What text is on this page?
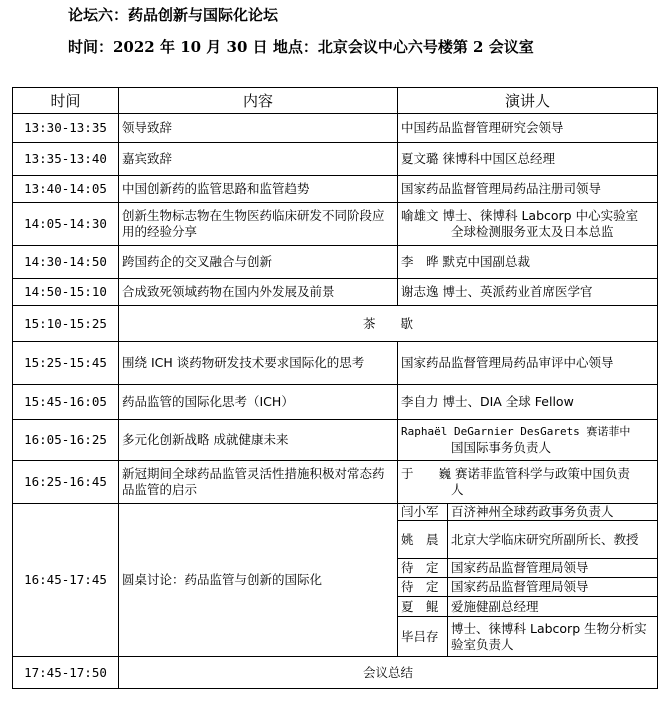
论坛六：药品创新与国际化论坛
时间：2022 年 10 月 30 日 地点：北京会议中心六号楼第 2 会议室
时间	内容	演讲人	
13:30-13:35	领导致辞	中国药品监督管理研究会领导	
13:35-13:40	嘉宾致辞	夏文璐 徕博科中国区总经理	
13:40-14:05	中国创新药的监管思路和监管趋势	国家药品监督管理局药品注册司领导	
14:05-14:30	创新生物标志物在生物医药临床研发不同阶段应用的经验分享	喻雄文 博士、徕博科 Labcorp 中心实验室
全球检测服务亚太及日本总监	

14:30-14:50	跨国药企的交叉融合与创新	李　晔 默克中国副总裁	
14:50-15:10	合成致死领域药物在国内外发展及前景	谢志逸 博士、英派药业首席医学官	
15:10-15:25	茶　　歇		
15:25-15:45	围绕 ICH 谈药物研发技术要求国际化的思考	国家药品监督管理局药品审评中心领导	
15:45-16:05	药品监管的国际化思考（ICH）	李自力 博士、DIA 全球 Fellow	
16:05-16:25	多元化创新战略 成就健康未来	Raphaël DeGarnier DesGarets 赛诺菲中
国国际事务负责人	

16:25-16:45	新冠期间全球药品监管灵活性措施积极对常态药品监管的启示	于　　巍 赛诺菲监管科学与政策中国负责
人	

16:45-17:45	圆桌讨论：药品监管与创新的国际化	闫小军	百济神州全球药政事务负责人
		姚　晨	北京大学临床研究所副所长、教授
		待　定	国家药品监督管理局领导
		待　定	国家药品监督管理局领导
		夏　鲲	爱施健副总经理
		毕吕存	博士、徕博科 Labcorp 生物分析实验室负责人
17:45-17:50	会议总结		
